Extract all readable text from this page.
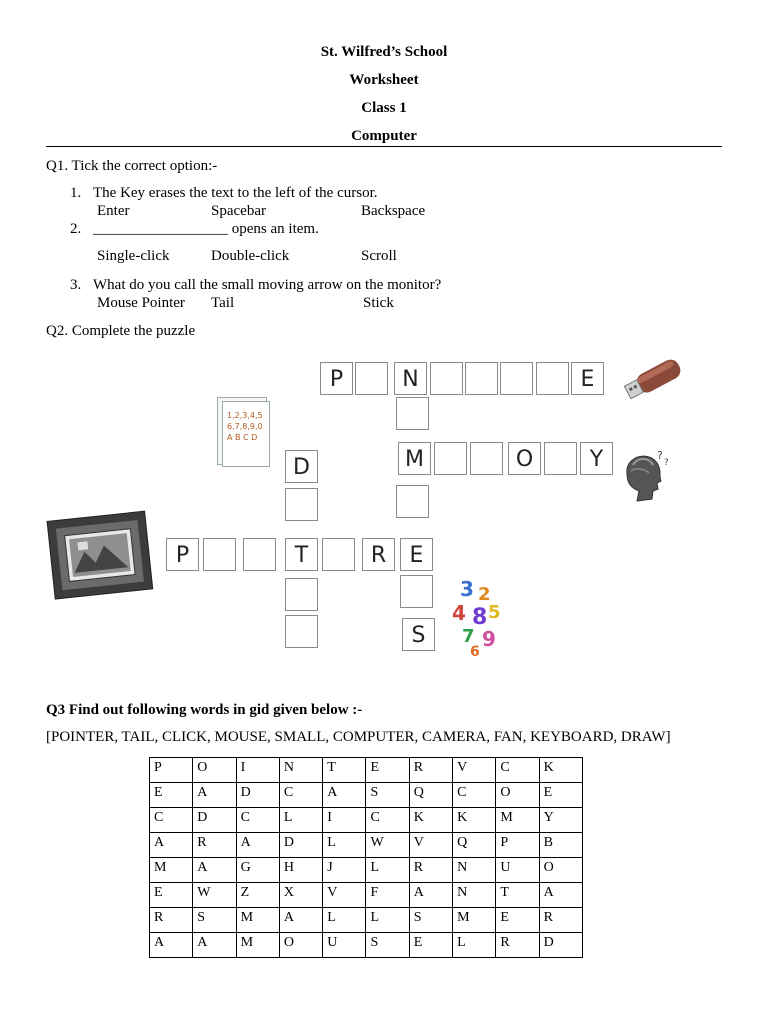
St. Wilfred’s School
Worksheet
Class 1
Computer
Q1. Tick the correct option:-
1. The Key erases the text to the left of the cursor.
Enter	Spacebar	Backspace
2. __________________ opens an item.
Single-click	Double-click	Scroll
3. What do you call the small moving arrow on the monitor?
Mouse Pointer Tail	Stick
Q2. Complete the puzzle
P	N	E
S
M	O	Y
D
P	T	R	E
1,2,3,4,5
6,7,8,9,0
A B C D
?
?
3 2
4 8 5
7 9
6
Q3 Find out following words in gid given below :-
[POINTER, TAIL, CLICK, MOUSE, SMALL, COMPUTER, CAMERA, FAN, KEYBOARD, DRAW]
P	O	I	N	T	E	R	V	C	K
E	A	D	C	A	S	Q	C	O	E
C	D	C	L	I	C	K	K	M	Y
A	R	A	D	L	W	V	Q	P	B
M	A	G	H	J	L	R	N	U	O
E	W	Z	X	V	F	A	N	T	A
R	S	M	A	L	L	S	M	E	R
A	A	M	O	U	S	E	L	R	D
